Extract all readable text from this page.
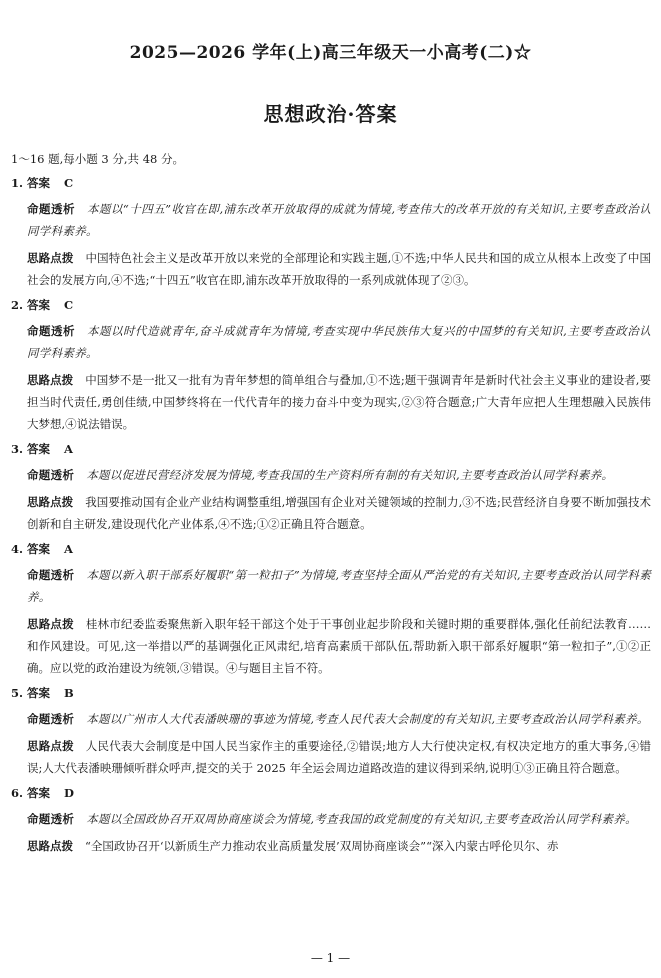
2025—2026 学年(上)高三年级天一小高考(二)☆
思想政治·答案
1～16 题,每小题 3 分,共 48 分。
1. 答案 C
命题透析 本题以“十四五”收官在即,浦东改革开放取得的成就为情境,考查伟大的改革开放的有关知识,主要考查政治认同学科素养。
思路点拨 中国特色社会主义是改革开放以来党的全部理论和实践主题,①不选;中华人民共和国的成立从根本上改变了中国社会的发展方向,④不选;“十四五”收官在即,浦东改革开放取得的一系列成就体现了②③。
2. 答案 C
命题透析 本题以时代造就青年,奋斗成就青年为情境,考查实现中华民族伟大复兴的中国梦的有关知识,主要考查政治认同学科素养。
思路点拨 中国梦不是一批又一批有为青年梦想的简单组合与叠加,①不选;题干强调青年是新时代社会主义事业的建设者,要担当时代责任,勇创佳绩,中国梦终将在一代代青年的接力奋斗中变为现实,②③符合题意;广大青年应把人生理想融入民族伟大梦想,④说法错误。
3. 答案 A
命题透析 本题以促进民营经济发展为情境,考查我国的生产资料所有制的有关知识,主要考查政治认同学科素养。
思路点拨 我国要推动国有企业产业结构调整重组,增强国有企业对关键领域的控制力,③不选;民营经济自身要不断加强技术创新和自主研发,建设现代化产业体系,④不选;①②正确且符合题意。
4. 答案 A
命题透析 本题以新入职干部系好履职“第一粒扣子”为情境,考查坚持全面从严治党的有关知识,主要考查政治认同学科素养。
思路点拨 桂林市纪委监委聚焦新入职年轻干部这个处于干事创业起步阶段和关键时期的重要群体,强化任前纪法教育……和作风建设。可见,这一举措以严的基调强化正风肃纪,培育高素质干部队伍,帮助新入职干部系好履职“第一粒扣子”,①②正确。应以党的政治建设为统领,③错误。④与题目主旨不符。
5. 答案 B
命题透析 本题以广州市人大代表潘映珊的事迹为情境,考查人民代表大会制度的有关知识,主要考查政治认同学科素养。
思路点拨 人民代表大会制度是中国人民当家作主的重要途径,②错误;地方人大行使决定权,有权决定地方的重大事务,④错误;人大代表潘映珊倾听群众呼声,提交的关于 2025 年全运会周边道路改造的建议得到采纳,说明①③正确且符合题意。
6. 答案 D
命题透析 本题以全国政协召开双周协商座谈会为情境,考查我国的政党制度的有关知识,主要考查政治认同学科素养。
思路点拨 “全国政协召开‘以新质生产力推动农业高质量发展’双周协商座谈会”“深入内蒙古呼伦贝尔、赤
— 1 —
